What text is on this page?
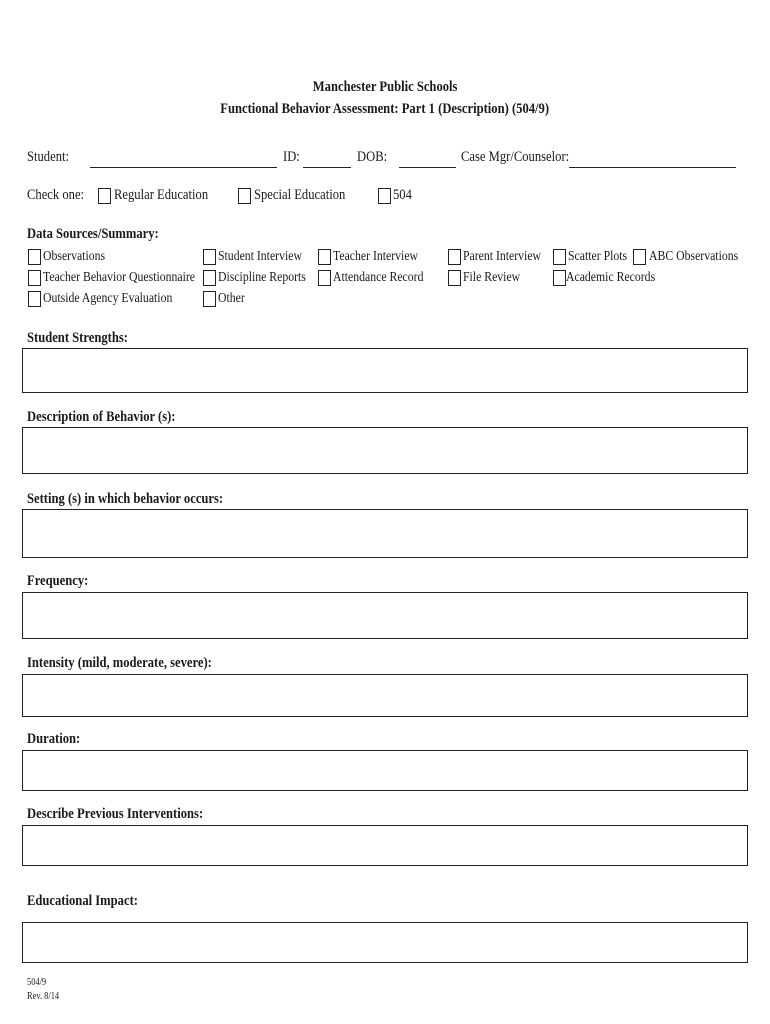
Manchester Public Schools
Functional Behavior Assessment: Part 1 (Description) (504/9)
Student:	ID:	DOB:	Case Mgr/Counselor:
Check one:	Regular Education	Special Education	504
Data Sources/Summary:
Observations	Student Interview	Teacher Interview	Parent Interview	Scatter Plots	ABC Observations
Teacher Behavior Questionnaire	Discipline Reports	Attendance Record	File Review	Academic Records
Outside Agency Evaluation	Other
Student Strengths:
Description of Behavior (s):
Setting (s) in which behavior occurs:
Frequency:
Intensity (mild, moderate, severe):
Duration:
Describe Previous Interventions:
Educational Impact:
504/9
Rev. 8/14
